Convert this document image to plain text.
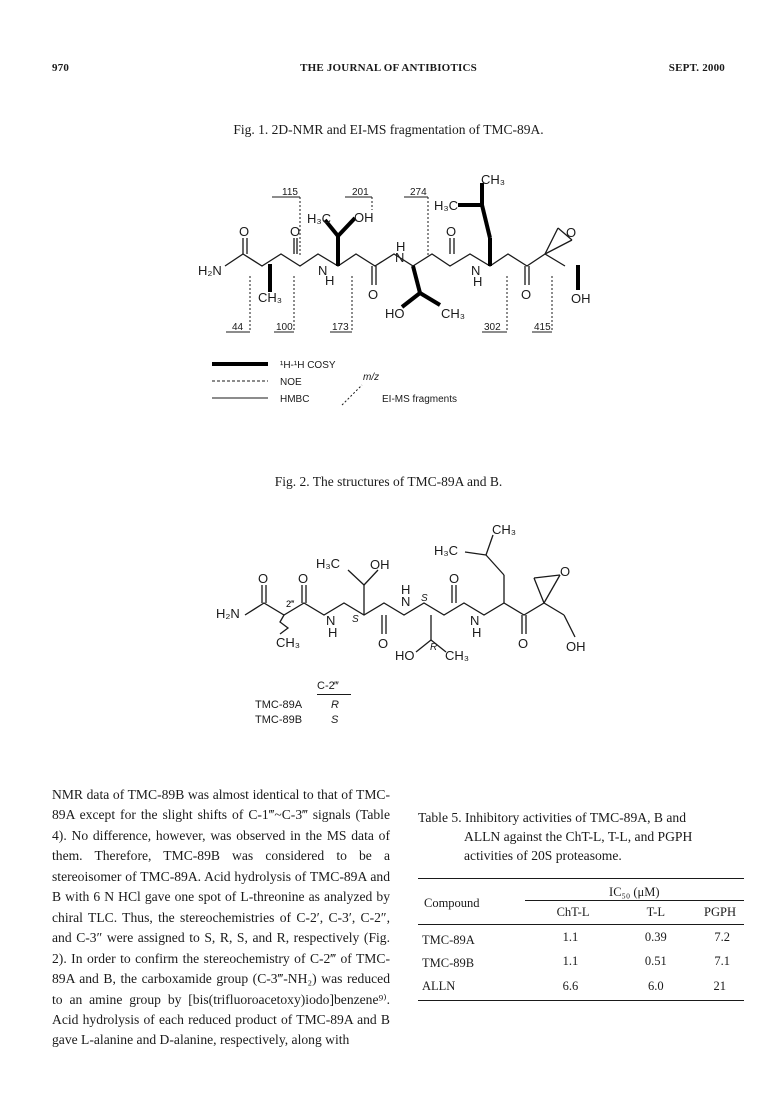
970	THE JOURNAL OF ANTIBIOTICS	SEPT. 2000
Fig. 1. 2D-NMR and EI-MS fragmentation of TMC-89A.
H₂N
O	O
N
H
O
H
N
O
N
H
O
O
OH
H₃C OH
CH₃
HO	CH₃
H₃C
CH₃
115	201	274
44	100	173	302	415
¹H-¹H COSY
NOE
HMBC
m/z
EI-MS fragments
H₂N
O O
N
H
O
H
N
O
N
H
O
O
OH
H₃C OH
CH₃
HO CH₃
H₃C
CH₃
S
S
R
2‴
Fig. 2. The structures of TMC-89A and B.
C-2‴
TMC-89A	R
TMC-89B	S

NMR data of TMC-89B was almost identical to that of TMC-89A except for the slight shifts of C-1‴~C-3‴ signals (Table 4). No difference, however, was observed in the MS data of them. Therefore, TMC-89B was considered to be a stereoisomer of TMC-89A. Acid hydrolysis of TMC-89A and B with 6 N HCl gave one spot of L-threonine as analyzed by chiral TLC. Thus, the stereochemistries of C-2′, C-3′, C-2″, and C-3″ were assigned to S, R, S, and R, respectively (Fig. 2). In order to confirm the stereochemistry of C-2‴ of TMC-89A and B, the carboxamide group (C-3‴-NH₂) was reduced to an amine group by [bis(trifluoroacetoxy)iodo]benzene⁹⁾. Acid hydrolysis of each reduced product of TMC-89A and B gave L-alanine and D-alanine, respectively, along with

Table 5. Inhibitory activities of TMC-89A, B and
ALLN against the ChT-L, T-L, and PGPH
activities of 20S proteasome.
Compound	IC₅₀ (μM)		
	ChT-L	T-L	PGPH
TMC-89A	1.1	0.39	7.2
TMC-89B	1.1	0.51	7.1
ALLN	6.6	6.0	21
